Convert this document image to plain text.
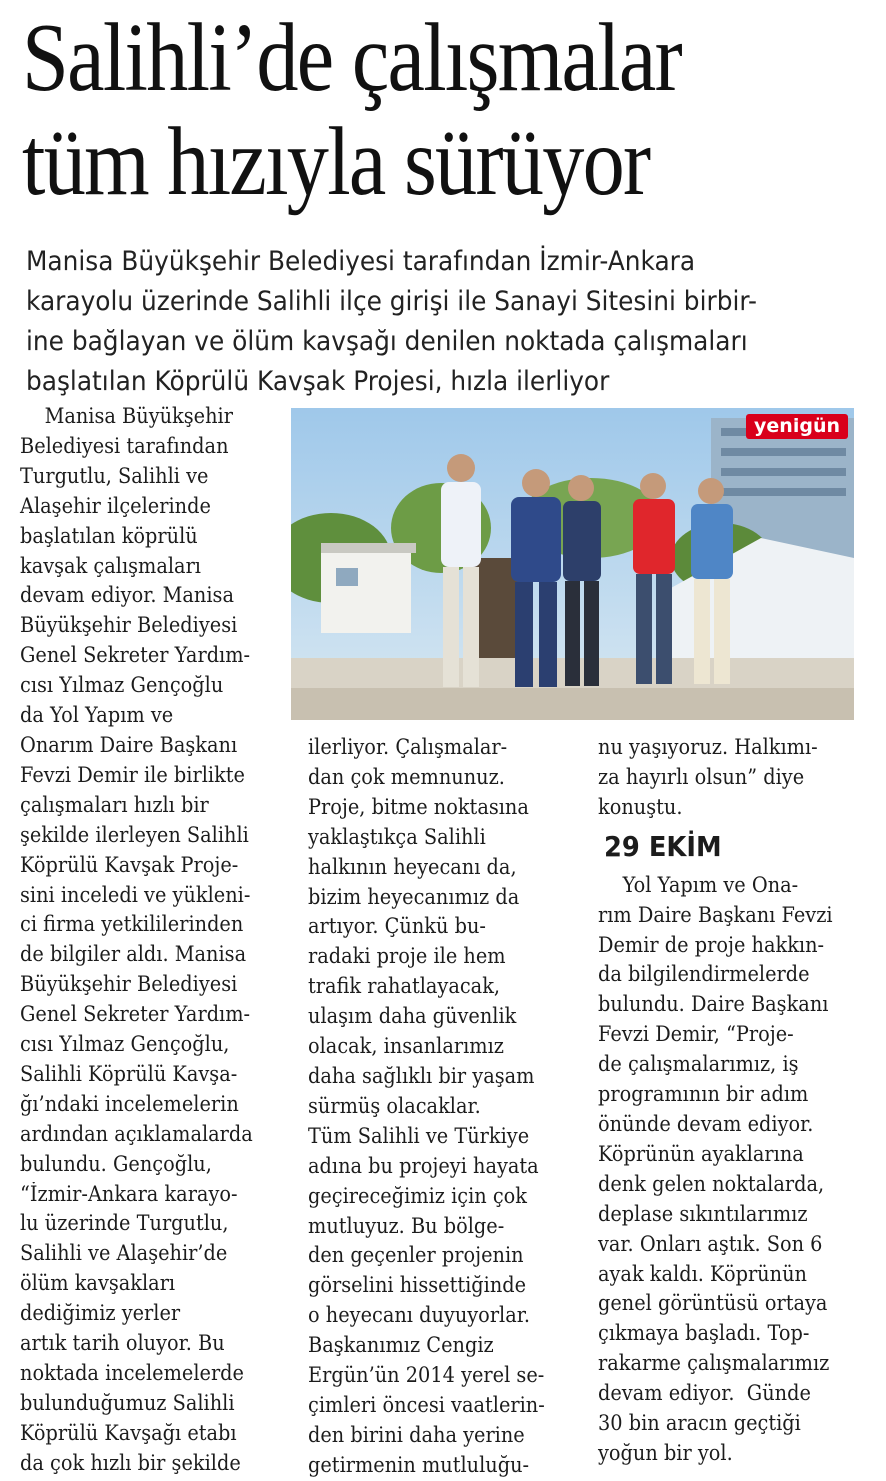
Salihli’de çalışmalar
tüm hızıyla sürüyor
Manisa Büyükşehir Belediyesi tarafından İzmir-Ankara
karayolu üzerinde Salihli ilçe girişi ile Sanayi Sitesini birbir-
ine bağlayan ve ölüm kavşağı denilen noktada çalışmaları
başlatılan Köprülü Kavşak Projesi, hızla ilerliyor
yenigün
Manisa Büyükşehir
Belediyesi tarafından
Turgutlu, Salihli ve
Alaşehir ilçelerinde
başlatılan köprülü
kavşak çalışmaları
devam ediyor. Manisa
Büyükşehir Belediyesi
Genel Sekreter Yardım-
cısı Yılmaz Gençoğlu
da Yol Yapım ve
Onarım Daire Başkanı
Fevzi Demir ile birlikte
çalışmaları hızlı bir
şekilde ilerleyen Salihli
Köprülü Kavşak Proje-
sini inceledi ve yükleni-
ci firma yetkililerinden
de bilgiler aldı. Manisa
Büyükşehir Belediyesi
Genel Sekreter Yardım-
cısı Yılmaz Gençoğlu,
Salihli Köprülü Kavşa-
ğı’ndaki incelemelerin
ardından açıklamalarda
bulundu. Gençoğlu,
“İzmir-Ankara karayo-
lu üzerinde Turgutlu,
Salihli ve Alaşehir’de
ölüm kavşakları
dediğimiz yerler
artık tarih oluyor. Bu
noktada incelemelerde
bulunduğumuz Salihli
Köprülü Kavşağı etabı
da çok hızlı bir şekilde
ilerliyor. Çalışmalar-
dan çok memnunuz.
Proje, bitme noktasına
yaklaştıkça Salihli
halkının heyecanı da,
bizim heyecanımız da
artıyor. Çünkü bu-
radaki proje ile hem
trafik rahatlayacak,
ulaşım daha güvenlik
olacak, insanlarımız
daha sağlıklı bir yaşam
sürmüş olacaklar.
Tüm Salihli ve Türkiye
adına bu projeyi hayata
geçireceğimiz için çok
mutluyuz. Bu bölge-
den geçenler projenin
görselini hissettiğinde
o heyecanı duyuyorlar.
Başkanımız Cengiz
Ergün’ün 2014 yerel se-
çimleri öncesi vaatlerin-
den birini daha yerine
getirmenin mutluluğu-
nu yaşıyoruz. Halkımı-
za hayırlı olsun” diye
konuştu.
29 EKİM
Yol Yapım ve Ona-
rım Daire Başkanı Fevzi
Demir de proje hakkın-
da bilgilendirmelerde
bulundu. Daire Başkanı
Fevzi Demir, “Proje-
de çalışmalarımız, iş
programının bir adım
önünde devam ediyor.
Köprünün ayaklarına
denk gelen noktalarda,
deplase sıkıntılarımız
var. Onları aştık. Son 6
ayak kaldı. Köprünün
genel görüntüsü ortaya
çıkmaya başladı. Top-
rakarme çalışmalarımız
devam ediyor.  Günde
30 bin aracın geçtiği
yoğun bir yol.
